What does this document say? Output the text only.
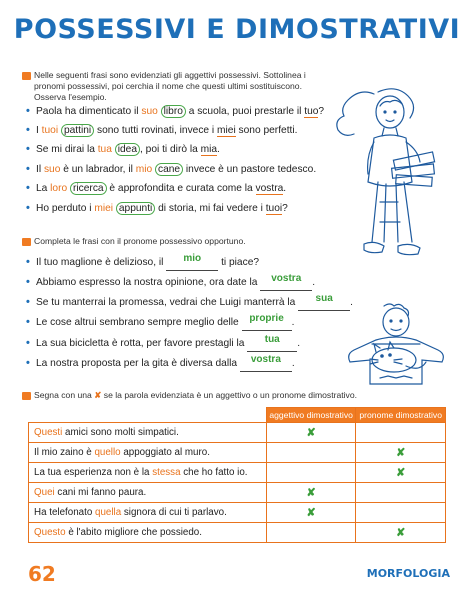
POSSESSIVI E DIMOSTRATIVI
Nelle seguenti frasi sono evidenziati gli aggettivi possessivi. Sottolinea i pronomi possessivi, poi cerchia il nome che questi ultimi sostituiscono. Osserva l'esempio.
• Paola ha dimenticato il suo libro a scuola, puoi prestarle il tuo?
• I tuoi pattini sono tutti rovinati, invece i miei sono perfetti.
• Se mi dirai la tua idea , poi ti dirò la mia.
• Il suo è un labrador, il mio cane invece è un pastore tedesco.
• La loro ricerca è approfondita e curata come la vostra.
• Ho perduto i miei appunti di storia, mi fai vedere i tuoi?
Completa le frasi con il pronome possessivo opportuno.
• Il tuo maglione è delizioso, il	mio	ti piace?
• Abbiamo espresso la nostra opinione, ora date la	vostra	.
• Se tu manterrai la promessa, vedrai che Luigi manterrà la	sua	.
• Le cose altrui sembrano sempre meglio delle proprie .
• La sua bicicletta è rotta, per favore prestagli la	tua	.
• La nostra proposta per la gita è diversa dalla	vostra	.
Segna con una ✘ se la parola evidenziata è un aggettivo o un pronome dimostrativo.
	aggettivo dimostrativo	pronome dimostrativo
Questi amici sono molti simpatici.	✘	
Il mio zaino è quello appoggiato al muro.		✘
La tua esperienza non è la stessa che ho fatto io.		✘
Quei cani mi fanno paura.	✘	
Ha telefonato quella signora di cui ti parlavo.	✘	
Questo è l'abito migliore che possiedo.		✘
62	MORFOLOGIA
